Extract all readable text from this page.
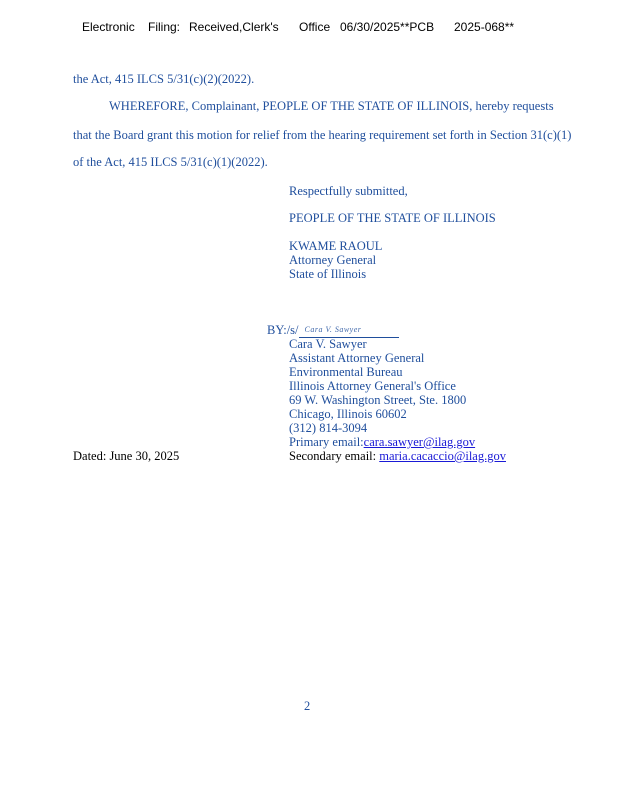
Electronic Filing: Received,Clerk's Office 06/30/2025**PCB 2025-068**
the Act, 415 ILCS 5/31(c)(2)(2022).
WHEREFORE, Complainant, PEOPLE OF THE STATE OF ILLINOIS, hereby requests
that the Board grant this motion for relief from the hearing requirement set forth in Section 31(c)(1)
of the Act, 415 ILCS 5/31(c)(1)(2022).
Respectfully submitted,
PEOPLE OF THE STATE OF ILLINOIS
KWAME RAOUL
Attorney General
State of Illinois
BY:/s/ Cara V. Sawyer
Cara V. Sawyer
Assistant Attorney General
Environmental Bureau
Illinois Attorney General's Office
69 W. Washington Street, Ste. 1800
Chicago, Illinois 60602
(312) 814-3094
Primary email:cara.sawyer@ilag.gov
Secondary email: maria.cacaccio@ilag.gov
Dated: June 30, 2025
2
